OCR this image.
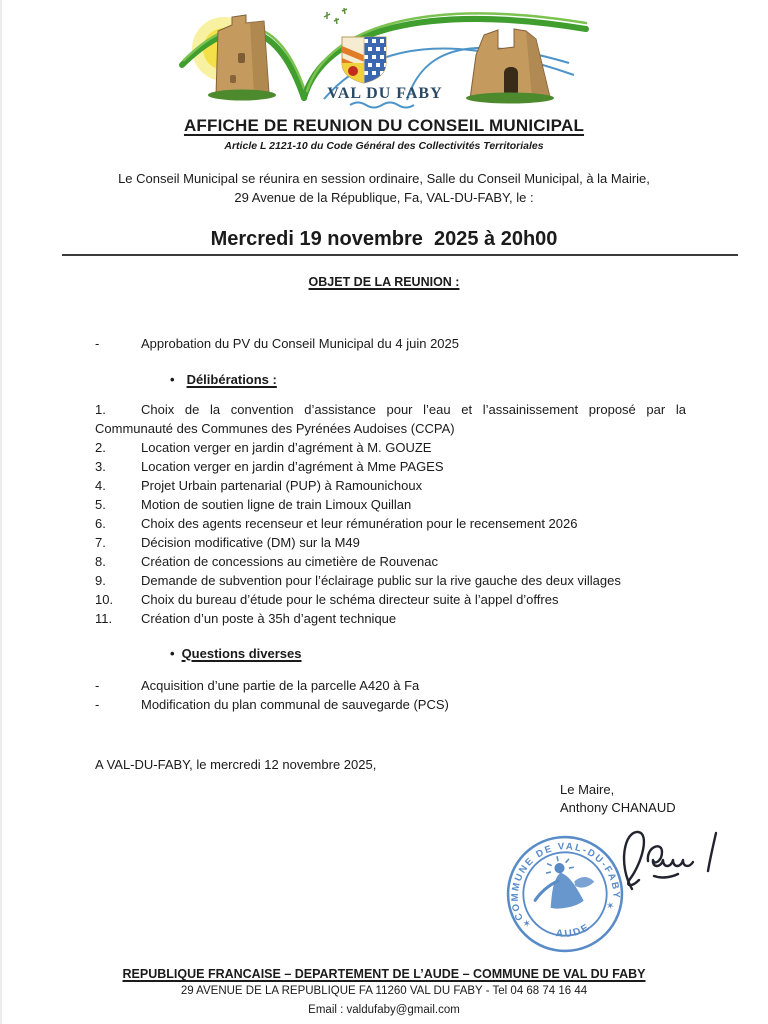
VAL DU FABY
AFFICHE DE REUNION DU CONSEIL MUNICIPAL
Article L 2121-10 du Code Général des Collectivités Territoriales
Le Conseil Municipal se réunira en session ordinaire, Salle du Conseil Municipal, à la Mairie,
29 Avenue de la République, Fa, VAL-DU-FABY, le :
Mercredi 19 novembre  2025 à 20h00
OBJET DE LA REUNION :
-	Approbation du PV du Conseil Municipal du 4 juin 2025
• Délibérations :
1.	Choix de la convention d’assistance pour l’eau et l’assainissement proposé par la Communauté des Communes des Pyrénées Audoises (CCPA)
2.	Location verger en jardin d’agrément à M. GOUZE
3.	Location verger en jardin d’agrément à Mme PAGES
4.	Projet Urbain partenarial (PUP) à Ramounichoux
5.	Motion de soutien ligne de train Limoux Quillan
6.	Choix des agents recenseur et leur rémunération pour le recensement 2026
7.	Décision modificative (DM) sur la M49
8.	Création de concessions au cimetière de Rouvenac
9.	Demande de subvention pour l’éclairage public sur la rive gauche des deux villages
10. Choix du bureau d’étude pour le schéma directeur suite à l’appel d’offres
11. Création d’un poste à 35h d’agent technique
• Questions diverses
-	Acquisition d’une partie de la parcelle A420 à Fa
-	Modification du plan communal de sauvegarde (PCS)
A VAL-DU-FABY, le mercredi 12 novembre 2025,
Le Maire,
Anthony CHANAUD
COMMUNE DE VAL-DU-FABY
AUDE
✶
✶
REPUBLIQUE FRANCAISE – DEPARTEMENT DE L’AUDE – COMMUNE DE VAL DU FABY
29 AVENUE DE LA REPUBLIQUE FA 11260 VAL DU FABY - Tel 04 68 74 16 44
Email : valdufaby@gmail.com
